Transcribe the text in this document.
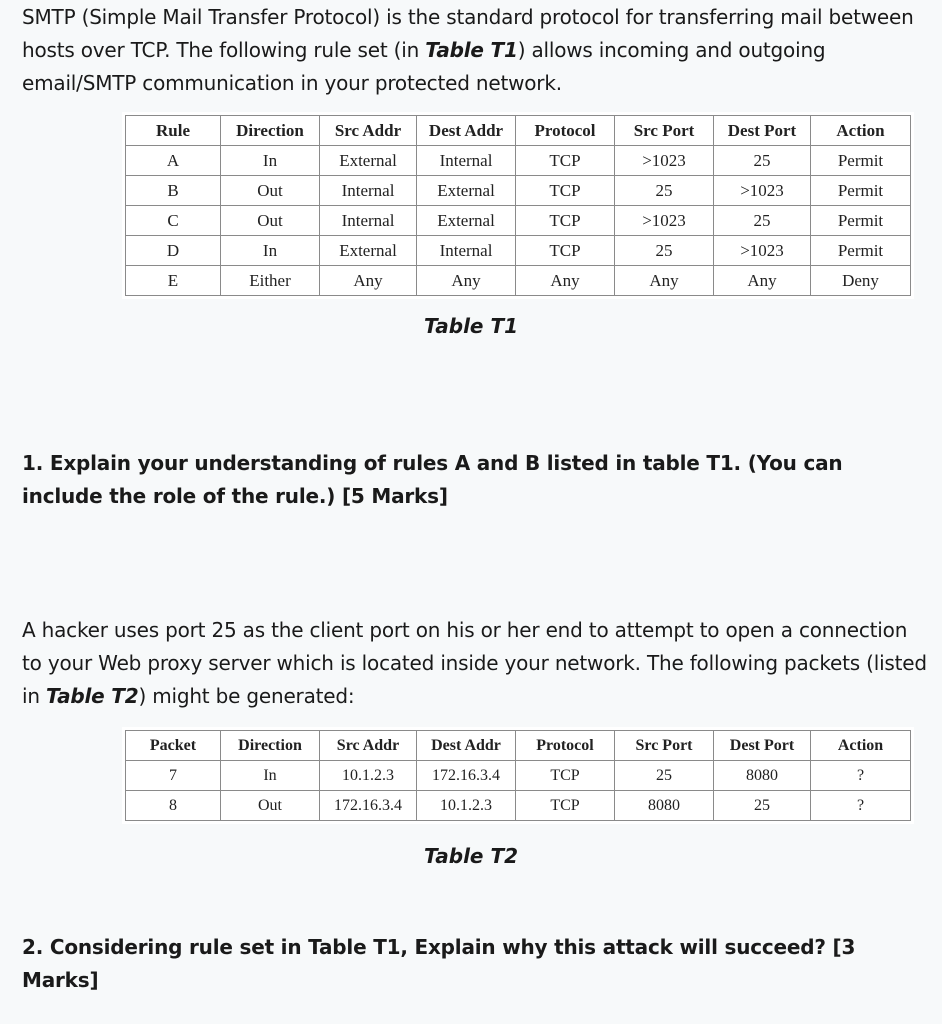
SMTP (Simple Mail Transfer Protocol) is the standard protocol for transferring mail between hosts over TCP. The following rule set (in Table T1) allows incoming and outgoing email/SMTP communication in your protected network.

Rule	Direction	Src Addr	Dest Addr	Protocol	Src Port	Dest Port	Action
A	In	External	Internal	TCP	>1023	25	Permit
B	Out	Internal	External	TCP	25	>1023	Permit
C	Out	Internal	External	TCP	>1023	25	Permit
D	In	External	Internal	TCP	25	>1023	Permit
E	Either	Any	Any	Any	Any	Any	Deny

Table T1

1. Explain your understanding of rules A and B listed in table T1. (You can include the role of the rule.) [5 Marks]

A hacker uses port 25 as the client port on his or her end to attempt to open a connection to your Web proxy server which is located inside your network. The following packets (listed in Table T2) might be generated:

Packet	Direction	Src Addr	Dest Addr	Protocol	Src Port	Dest Port	Action
7	In	10.1.2.3	172.16.3.4	TCP	25	8080	?
8	Out	172.16.3.4	10.1.2.3	TCP	8080	25	?

Table T2

2. Considering rule set in Table T1, Explain why this attack will succeed? [3 Marks]
